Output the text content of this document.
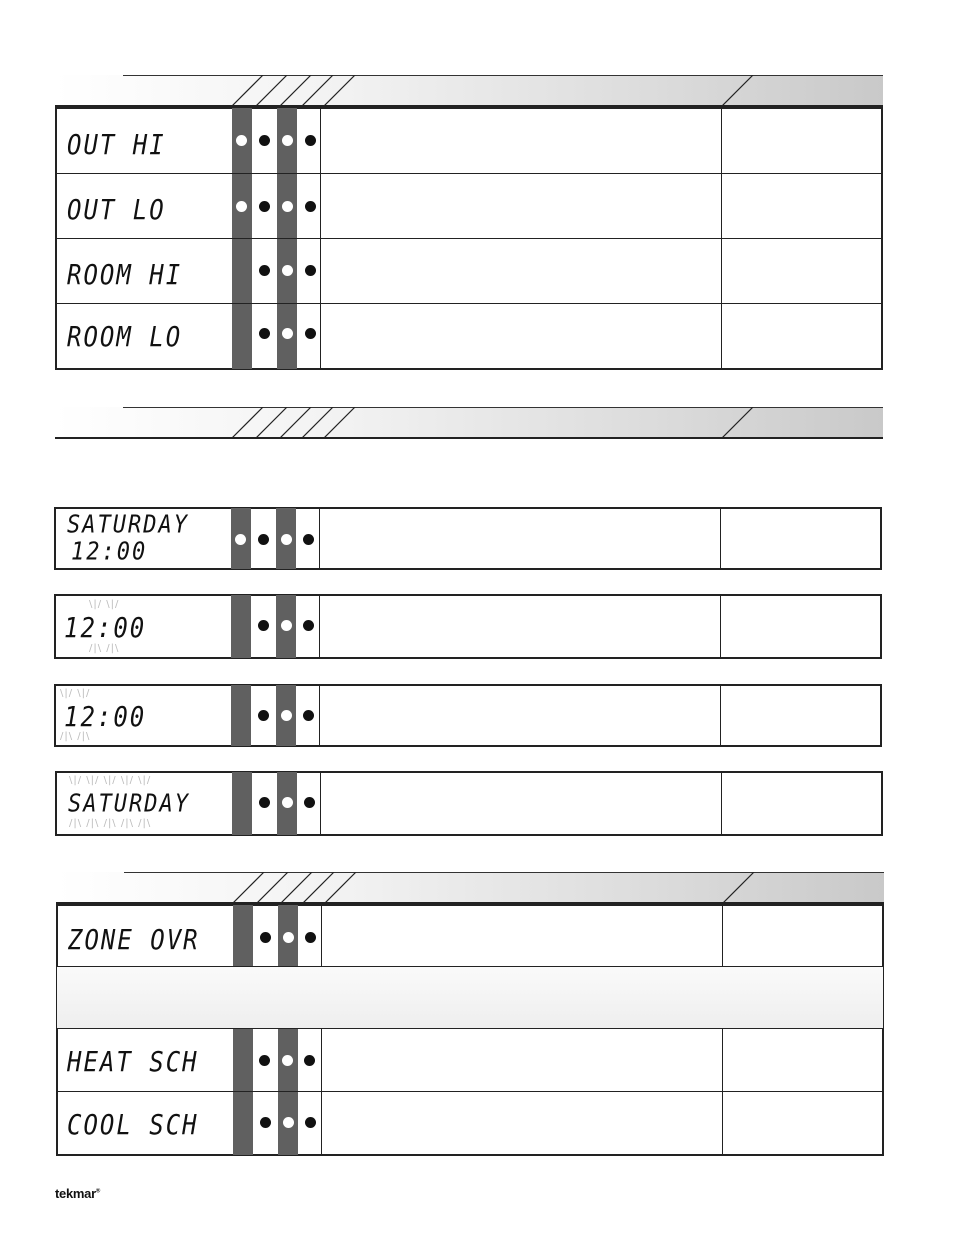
OUT HI
OUT LO
ROOM HI
ROOM LO
SATURDAY
12:00
\|/ \|/
12:00
/|\ /|\
\|/ \|/
12:00
/|\ /|\
\|/ \|/ \|/ \|/ \|/
SATURDAY
/|\ /|\ /|\ /|\ /|\
ZONE OVR
HEAT SCH
COOL SCH
tekmar®
